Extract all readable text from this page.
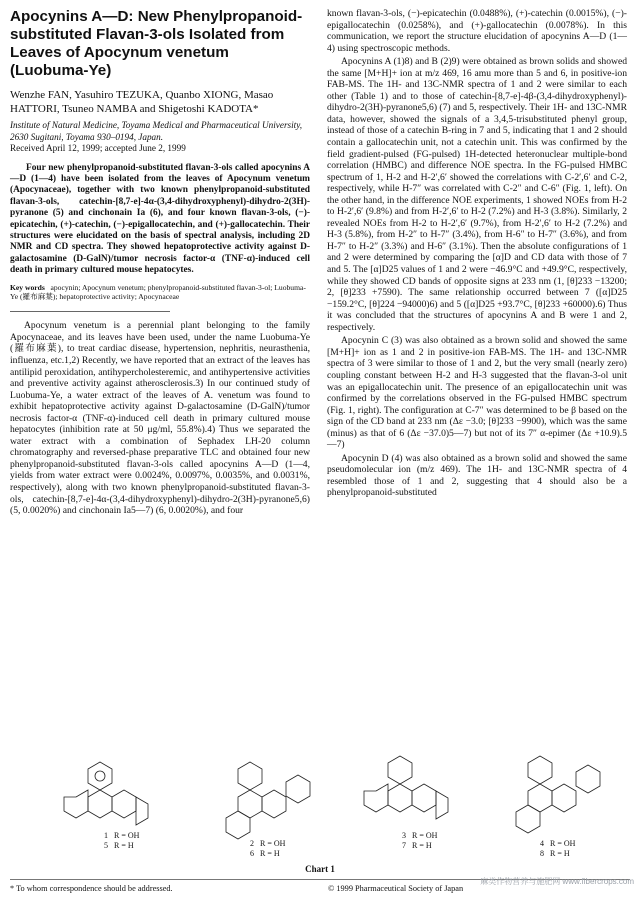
Apocynins A—D: New Phenylpropanoid-substituted Flavan-3-ols Isolated from Leaves of Apocynum venetum (Luobuma-Ye)
Wenzhe FAN, Yasuhiro TEZUKA, Quanbo XIONG, Masao HATTORI, Tsuneo NAMBA and Shigetoshi KADOTA*
Institute of Natural Medicine, Toyama Medical and Pharmaceutical University, 2630 Sugitani, Toyama 930–0194, Japan.
Received April 12, 1999; accepted June 2, 1999
Four new phenylpropanoid-substituted flavan-3-ols called apocynins A—D (1—4) have been isolated from the leaves of Apocynum venetum (Apocynaceae), together with two known phenylpropanoid-substituted flavan-3-ols, catechin-[8,7-e]-4α-(3,4-dihydroxyphenyl)-dihydro-2(3H)-pyranone (5) and cinchonain Ia (6), and four known flavan-3-ols, (−)-epicatechin, (+)-catechin, (−)-epigallocatechin, and (+)-gallocatechin. Their structures were elucidated on the basis of spectral analysis, including 2D NMR and CD spectra. They showed hepatoprotective activity against D-galactosamine (D-GalN)/tumor necrosis factor-α (TNF-α)-induced cell death in primary cultured mouse hepatocytes.
Key words apocynin; Apocynum venetum; phenylpropanoid-substituted flavan-3-ol; Luobuma-Ye (羅布麻葉); hepatoprotective activity; Apocynaceae

Apocynum venetum is a perennial plant belonging to the family Apocynaceae, and its leaves have been used, under the name Luobuma-Ye (羅布麻葉), to treat cardiac disease, hypertension, nephritis, neurasthenia, influenza, etc.1,2) Recently, we have reported that an extract of the leaves has antilipid peroxidation, antihypercholesteremic, and antihypertensive activities and preventive activity against atherosclerosis.3) In our continued study of Luobuma-Ye, a water extract of the leaves of A. venetum was found to exhibit hepatoprotective activity against D-galactosamine (D-GalN)/tumor necrosis factor-α (TNF-α)-induced cell death in primary cultured mouse hepatocytes (inhibition rate at 50 μg/ml, 55.8%).4) Thus we separated the water extract with a combination of Sephadex LH-20 column chromatography and reversed-phase preparative TLC and obtained four new phenylpropanoid-substituted flavan-3-ols called apocynins A—D (1—4, yields from water extract were 0.0024%, 0.0097%, 0.0035%, and 0.0031%, respectively), along with two known phenylpropanoid-substituted flavan-3-ols, catechin-[8,7-e]-4α-(3,4-dihydroxyphenyl)-dihydro-2(3H)-pyranone5,6) (5, 0.0020%) and cinchonain Ia5—7) (6, 0.0020%), and four

known flavan-3-ols, (−)-epicatechin (0.0488%), (+)-catechin (0.0015%), (−)-epigallocatechin (0.0258%), and (+)-gallocatechin (0.0078%). In this communication, we report the structure elucidation of apocynins A—D (1—4) using spectroscopic methods.

Apocynins A (1)8) and B (2)9) were obtained as brown solids and showed the same [M+H]+ ion at m/z 469, 16 amu more than 5 and 6, in positive-ion FAB-MS. The 1H- and 13C-NMR spectra of 1 and 2 were similar to each other (Table 1) and to those of catechin-[8,7-e]-4β-(3,4-dihydroxyphenyl)-dihydro-2(3H)-pyranone5,6) (7) and 5, respectively. Their 1H- and 13C-NMR data, however, showed the signals of a 3,4,5-trisubstituted phenyl group, instead of those of a catechin B-ring in 7 and 5, indicating that 1 and 2 should contain a gallocatechin unit, not a catechin unit. This was confirmed by the field gradient-pulsed (FG-pulsed) 1H-detected heteronuclear multiple-bond correlation (HMBC) and difference NOE spectra. In the FG-pulsed HMBC spectrum of 1, H-2 and H-2′,6′ showed the correlations with C-2′,6′ and C-2, respectively, while H-7″ was correlated with C-2″ and C-6″ (Fig. 1, left). On the other hand, in the difference NOE experiments, 1 showed NOEs from H-2 to H-2′,6′ (9.8%) and from H-2′,6′ to H-2 (7.2%) and H-3 (3.8%). Similarly, 2 revealed NOEs from H-2 to H-2′,6′ (9.7%), from H-2′,6′ to H-2 (7.2%) and H-3 (5.8%), from H-2″ to H-7″ (3.4%), from H-6″ to H-7″ (3.6%), and from H-7″ to H-2″ (3.3%) and H-6″ (3.1%). Then the absolute configurations of 1 and 2 were determined by comparing the [α]D and CD data with those of 7 and 5. The [α]D25 values of 1 and 2 were −46.9°C and +49.9°C, respectively, while they showed CD bands of opposite signs at 233 nm (1, [θ]233 −13200; 2, [θ]233 +7590). The same relationship occurred between 7 ([α]D25 −159.2°C, [θ]224 −94000)6) and 5 ([α]D25 +93.7°C, [θ]233 +60000).6) Thus it was concluded that the structures of apocynins A and B were 1 and 2, respectively.

Apocynin C (3) was also obtained as a brown solid and showed the same [M+H]+ ion as 1 and 2 in positive-ion FAB-MS. The 1H- and 13C-NMR spectra of 3 were similar to those of 1 and 2, but the very small (nearly zero) coupling constant between H-2 and H-3 suggested that the flavan-3-ol unit was an epigallocatechin unit. The presence of an epigallocatechin unit was confirmed by the correlations observed in the FG-pulsed HMBC spectrum (Fig. 1, right). The configuration at C-7″ was determined to be β based on the sign of the CD band at 233 nm (Δε −3.0; [θ]233 −9900), which was the same (minus) as that of 6 (Δε −37.0)5—7) but not of its 7″ α-epimer (Δε +10.9).5—7)

Apocynin D (4) was also obtained as a brown solid and showed the same pseudomolecular ion (m/z 469). The 1H- and 13C-NMR spectra of 4 resembled those of 1 and 2, suggesting that 4 should also be a phenylpropanoid-substituted

1 R = OH
5 R = H	2 R = OH
6 R = H
3 R = OH
7 R = H	4 R = OH
8 R = H
Chart 1
* To whom correspondence should be addressed.	© 1999 Pharmaceutical Society of Japan
麻类作物营养与施肥网 www.fibercrops.com
